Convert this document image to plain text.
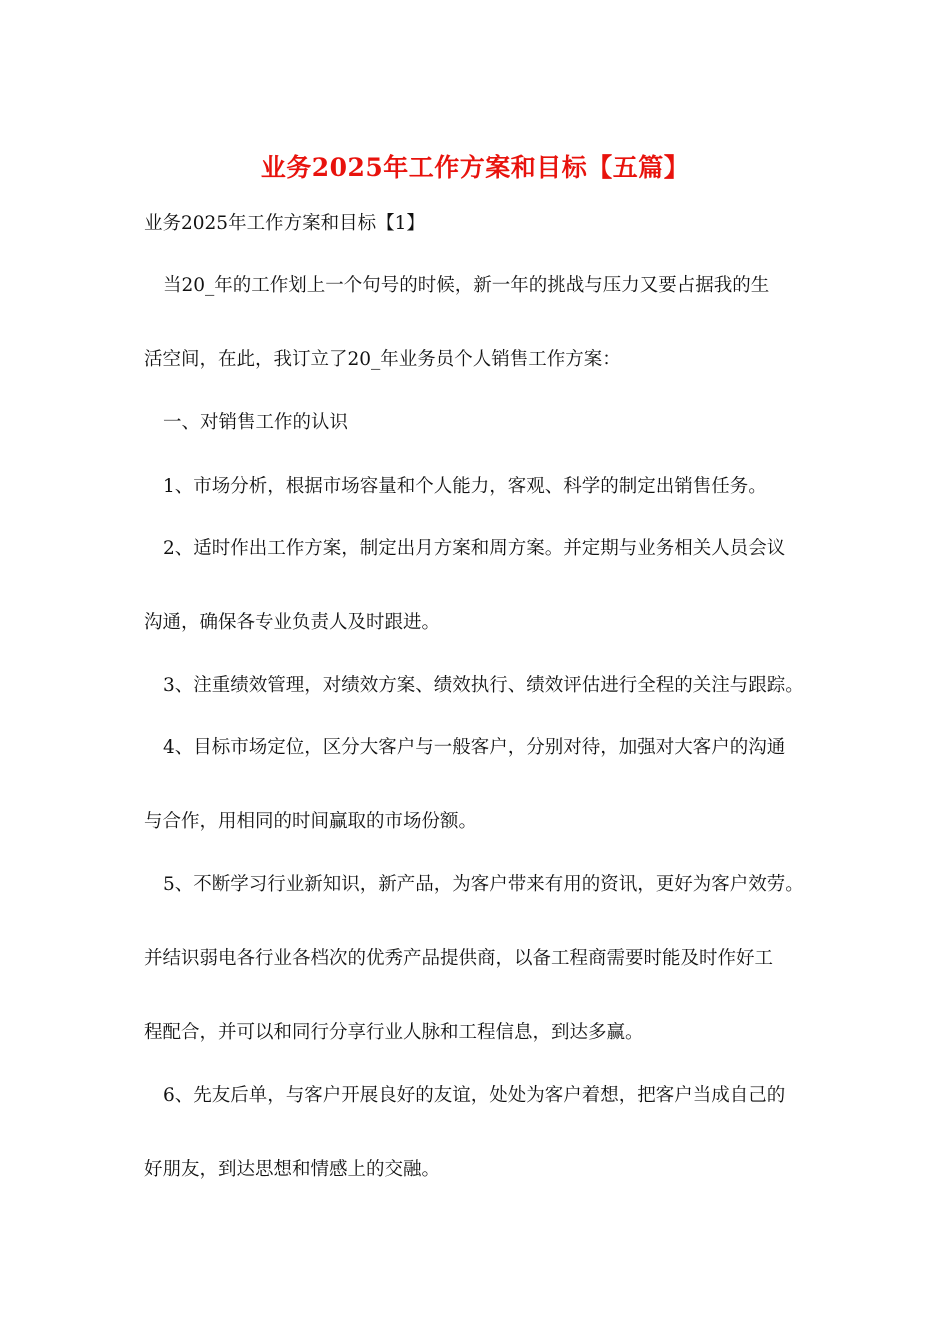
业务2025年工作方案和目标【五篇】

业务2025年工作方案和目标【1】

当20_年的工作划上一个句号的时候，新一年的挑战与压力又要占据我的生

活空间，在此，我订立了20_年业务员个人销售工作方案：

一、对销售工作的认识

1、市场分析，根据市场容量和个人能力，客观、科学的制定出销售任务。

2、适时作出工作方案，制定出月方案和周方案。并定期与业务相关人员会议

沟通，确保各专业负责人及时跟进。

3、注重绩效管理，对绩效方案、绩效执行、绩效评估进行全程的关注与跟踪。

4、目标市场定位，区分大客户与一般客户，分别对待，加强对大客户的沟通

与合作，用相同的时间赢取的市场份额。

5、不断学习行业新知识，新产品，为客户带来有用的资讯，更好为客户效劳。

并结识弱电各行业各档次的优秀产品提供商，以备工程商需要时能及时作好工

程配合，并可以和同行分享行业人脉和工程信息，到达多赢。

6、先友后单，与客户开展良好的友谊，处处为客户着想，把客户当成自己的

好朋友，到达思想和情感上的交融。
